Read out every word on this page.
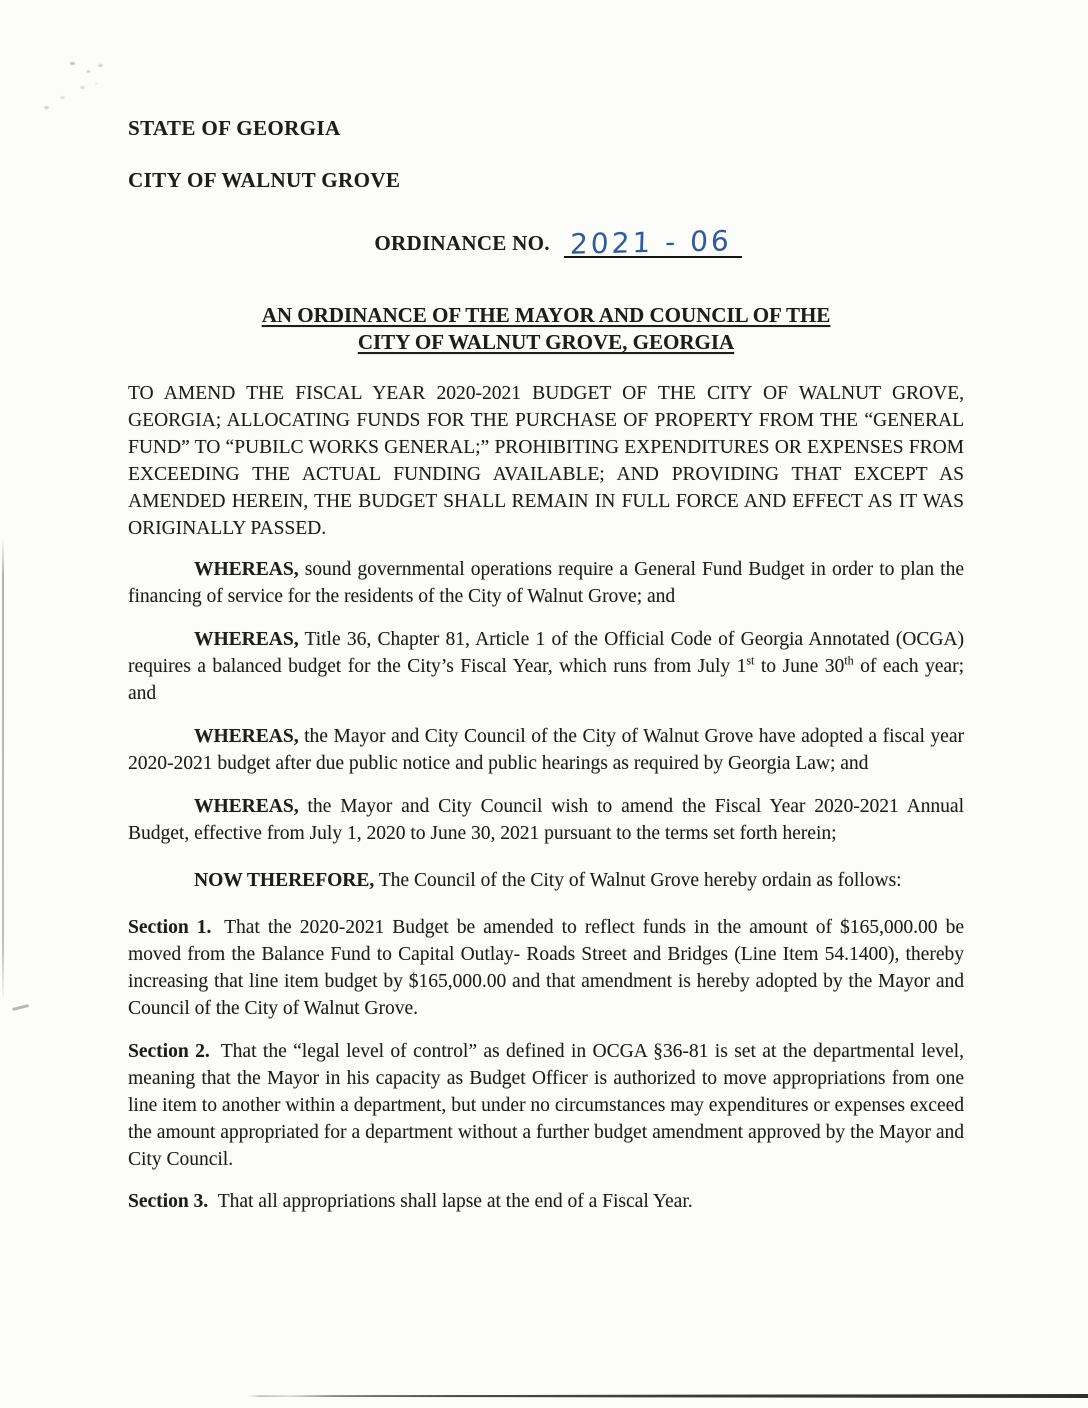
STATE OF GEORGIA
CITY OF WALNUT GROVE
ORDINANCE NO. 2021 - 06
AN ORDINANCE OF THE MAYOR AND COUNCIL OF THE
CITY OF WALNUT GROVE, GEORGIA

TO AMEND THE FISCAL YEAR 2020-2021 BUDGET OF THE CITY OF WALNUT GROVE, GEORGIA; ALLOCATING FUNDS FOR THE PURCHASE OF PROPERTY FROM THE “GENERAL FUND” TO “PUBILC WORKS GENERAL;” PROHIBITING EXPENDITURES OR EXPENSES FROM EXCEEDING THE ACTUAL FUNDING AVAILABLE; AND PROVIDING THAT EXCEPT AS AMENDED HEREIN, THE BUDGET SHALL REMAIN IN FULL FORCE AND EFFECT AS IT WAS ORIGINALLY PASSED.

WHEREAS, sound governmental operations require a General Fund Budget in order to plan the financing of service for the residents of the City of Walnut Grove; and

WHEREAS, Title 36, Chapter 81, Article 1 of the Official Code of Georgia Annotated (OCGA) requires a balanced budget for the City’s Fiscal Year, which runs from July 1st to June 30th of each year; and

WHEREAS, the Mayor and City Council of the City of Walnut Grove have adopted a fiscal year 2020-2021 budget after due public notice and public hearings as required by Georgia Law; and

WHEREAS, the Mayor and City Council wish to amend the Fiscal Year 2020-2021 Annual Budget, effective from July 1, 2020 to June 30, 2021 pursuant to the terms set forth herein;

NOW THEREFORE, The Council of the City of Walnut Grove hereby ordain as follows:

Section 1. That the 2020-2021 Budget be amended to reflect funds in the amount of $165,000.00 be moved from the Balance Fund to Capital Outlay- Roads Street and Bridges (Line Item 54.1400), thereby increasing that line item budget by $165,000.00 and that amendment is hereby adopted by the Mayor and Council of the City of Walnut Grove.

Section 2. That the “legal level of control” as defined in OCGA §36-81 is set at the departmental level, meaning that the Mayor in his capacity as Budget Officer is authorized to move appropriations from one line item to another within a department, but under no circumstances may expenditures or expenses exceed the amount appropriated for a department without a further budget amendment approved by the Mayor and City Council.

Section 3. That all appropriations shall lapse at the end of a Fiscal Year.
